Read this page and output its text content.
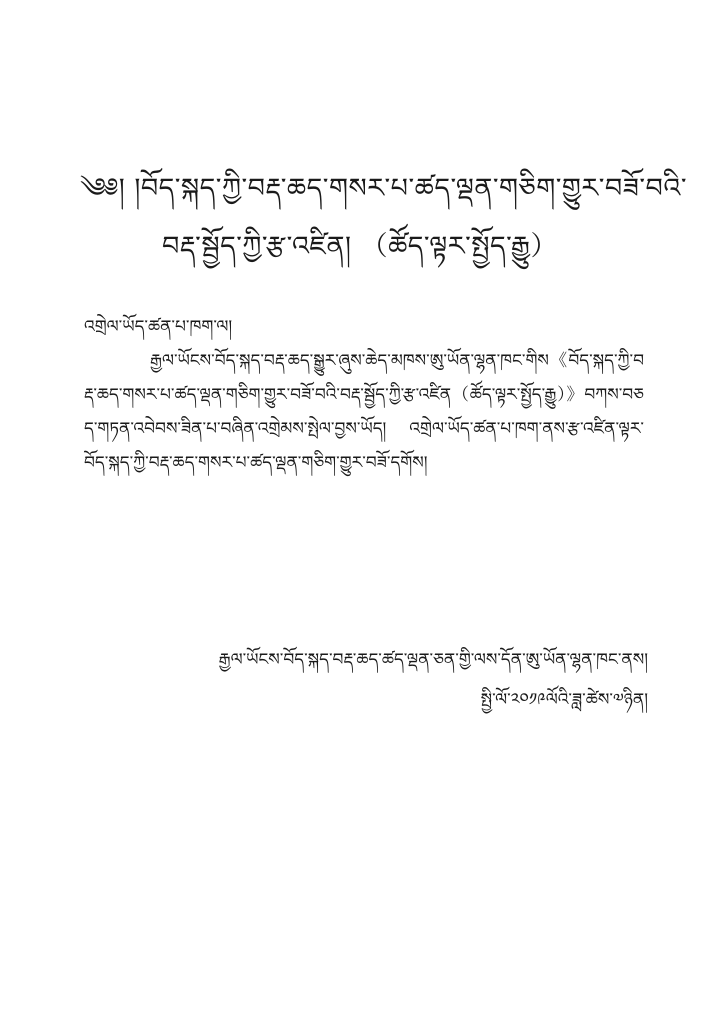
༄༅། །བོད་སྐད་ཀྱི་བརྡ་ཆད་གསར་པ་ཚད་ལྡན་གཅིག་གྱུར་བཟོ་བའི་
བརྡ་སྦྱོད་ཀྱི་རྩ་འཛིན། （ཚོད་ལྟར་སྤྱོད་རྒྱུ）

འགྲེལ་ཡོད་ཚན་པ་ཁག་ལ།

རྒྱལ་ཡོངས་བོད་སྐད་བརྡ་ཆད་སྒྱུར་ཞུས་ཆེད་མཁས་ཨུ་ཡོན་ལྷན་ཁང་གིས《བོད་སྐད་ཀྱི་བརྡ་ཆད་གསར་པ་ཚད་ལྡན་གཅིག་གྱུར་བཟོ་བའི་བརྡ་སྦྱོད་ཀྱི་རྩ་འཛིན（ཚོད་ལྟར་སྤྱོད་རྒྱུ）》བཀས་བཅད་གཏན་འབེབས་ཟིན་པ་བཞིན་འགྲེམས་སྤེལ་བྱས་ཡོད། འགྲེལ་ཡོད་ཚན་པ་ཁག་ནས་རྩ་འཛིན་ལྟར་བོད་སྐད་ཀྱི་བརྡ་ཆད་གསར་པ་ཚད་ལྡན་གཅིག་གྱུར་བཟོ་དགོས།

རྒྱལ་ཡོངས་བོད་སྐད་བརྡ་ཆད་ཚད་ལྡན་ཅན་གྱི་ལས་དོན་ཨུ་ཡོན་ལྷན་ཁང་ནས།
སྤྱི་ལོ་༢༠༡༩ལོའི་ཟླ་ཚེས་༧ཉིན།
